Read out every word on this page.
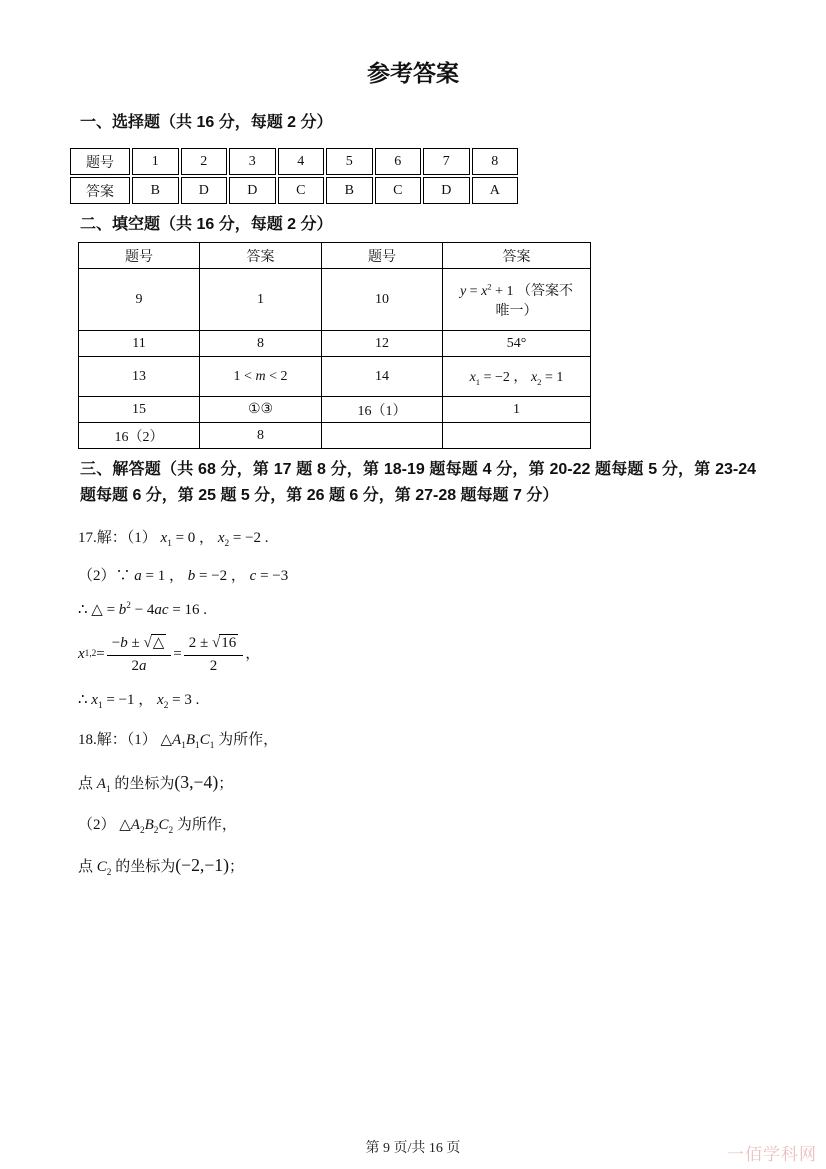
参考答案
一、选择题（共 16 分，每题 2 分）
题号	1	2	3	4	5	6	7	8
答案	B	D	D	C	B	C	D	A
二、填空题（共 16 分，每题 2 分）
题号	答案	题号	答案
9	1	10	$y = x^2 + 1$ （答案不
唯一）

11	8	12	54°
13	1 < m < 2	14	$x_1 = -2$ ， $x_2 = 1$
15	①③	16（1）	1
16（2）	8		
三、解答题（共 68 分，第 17 题 8 分，第 18-19 题每题 4 分，第 20-22 题每题 5 分，第 23-24 题每题 6 分，第 25 题 5 分，第 26 题 6 分，第 27-28 题每题 7 分）

17.解：（1） $x_1 = 0$ ， $x_2 = -2$ .

（2）∵ a = 1 ， b = −2 ， c = −3

∴ △ = $b^2 - 4ac = 16$ .

x $1,2 = \frac{-b \pm √\triangle}{2a} = \frac{2 \pm √16}{2}$ ，

∴ $x_1 = -1$ ， $x_2 = 3$ .

18.解：（1） $\triangle A_1B_1C_1$ 为所作，

点 $A_1$ 的坐标为(3,−4)；

（2） $\triangle A_2B_2C_2$ 为所作，

点 $C_2$ 的坐标为(−2,−1)；

第 9 页/共 16 页	一佰学科网
